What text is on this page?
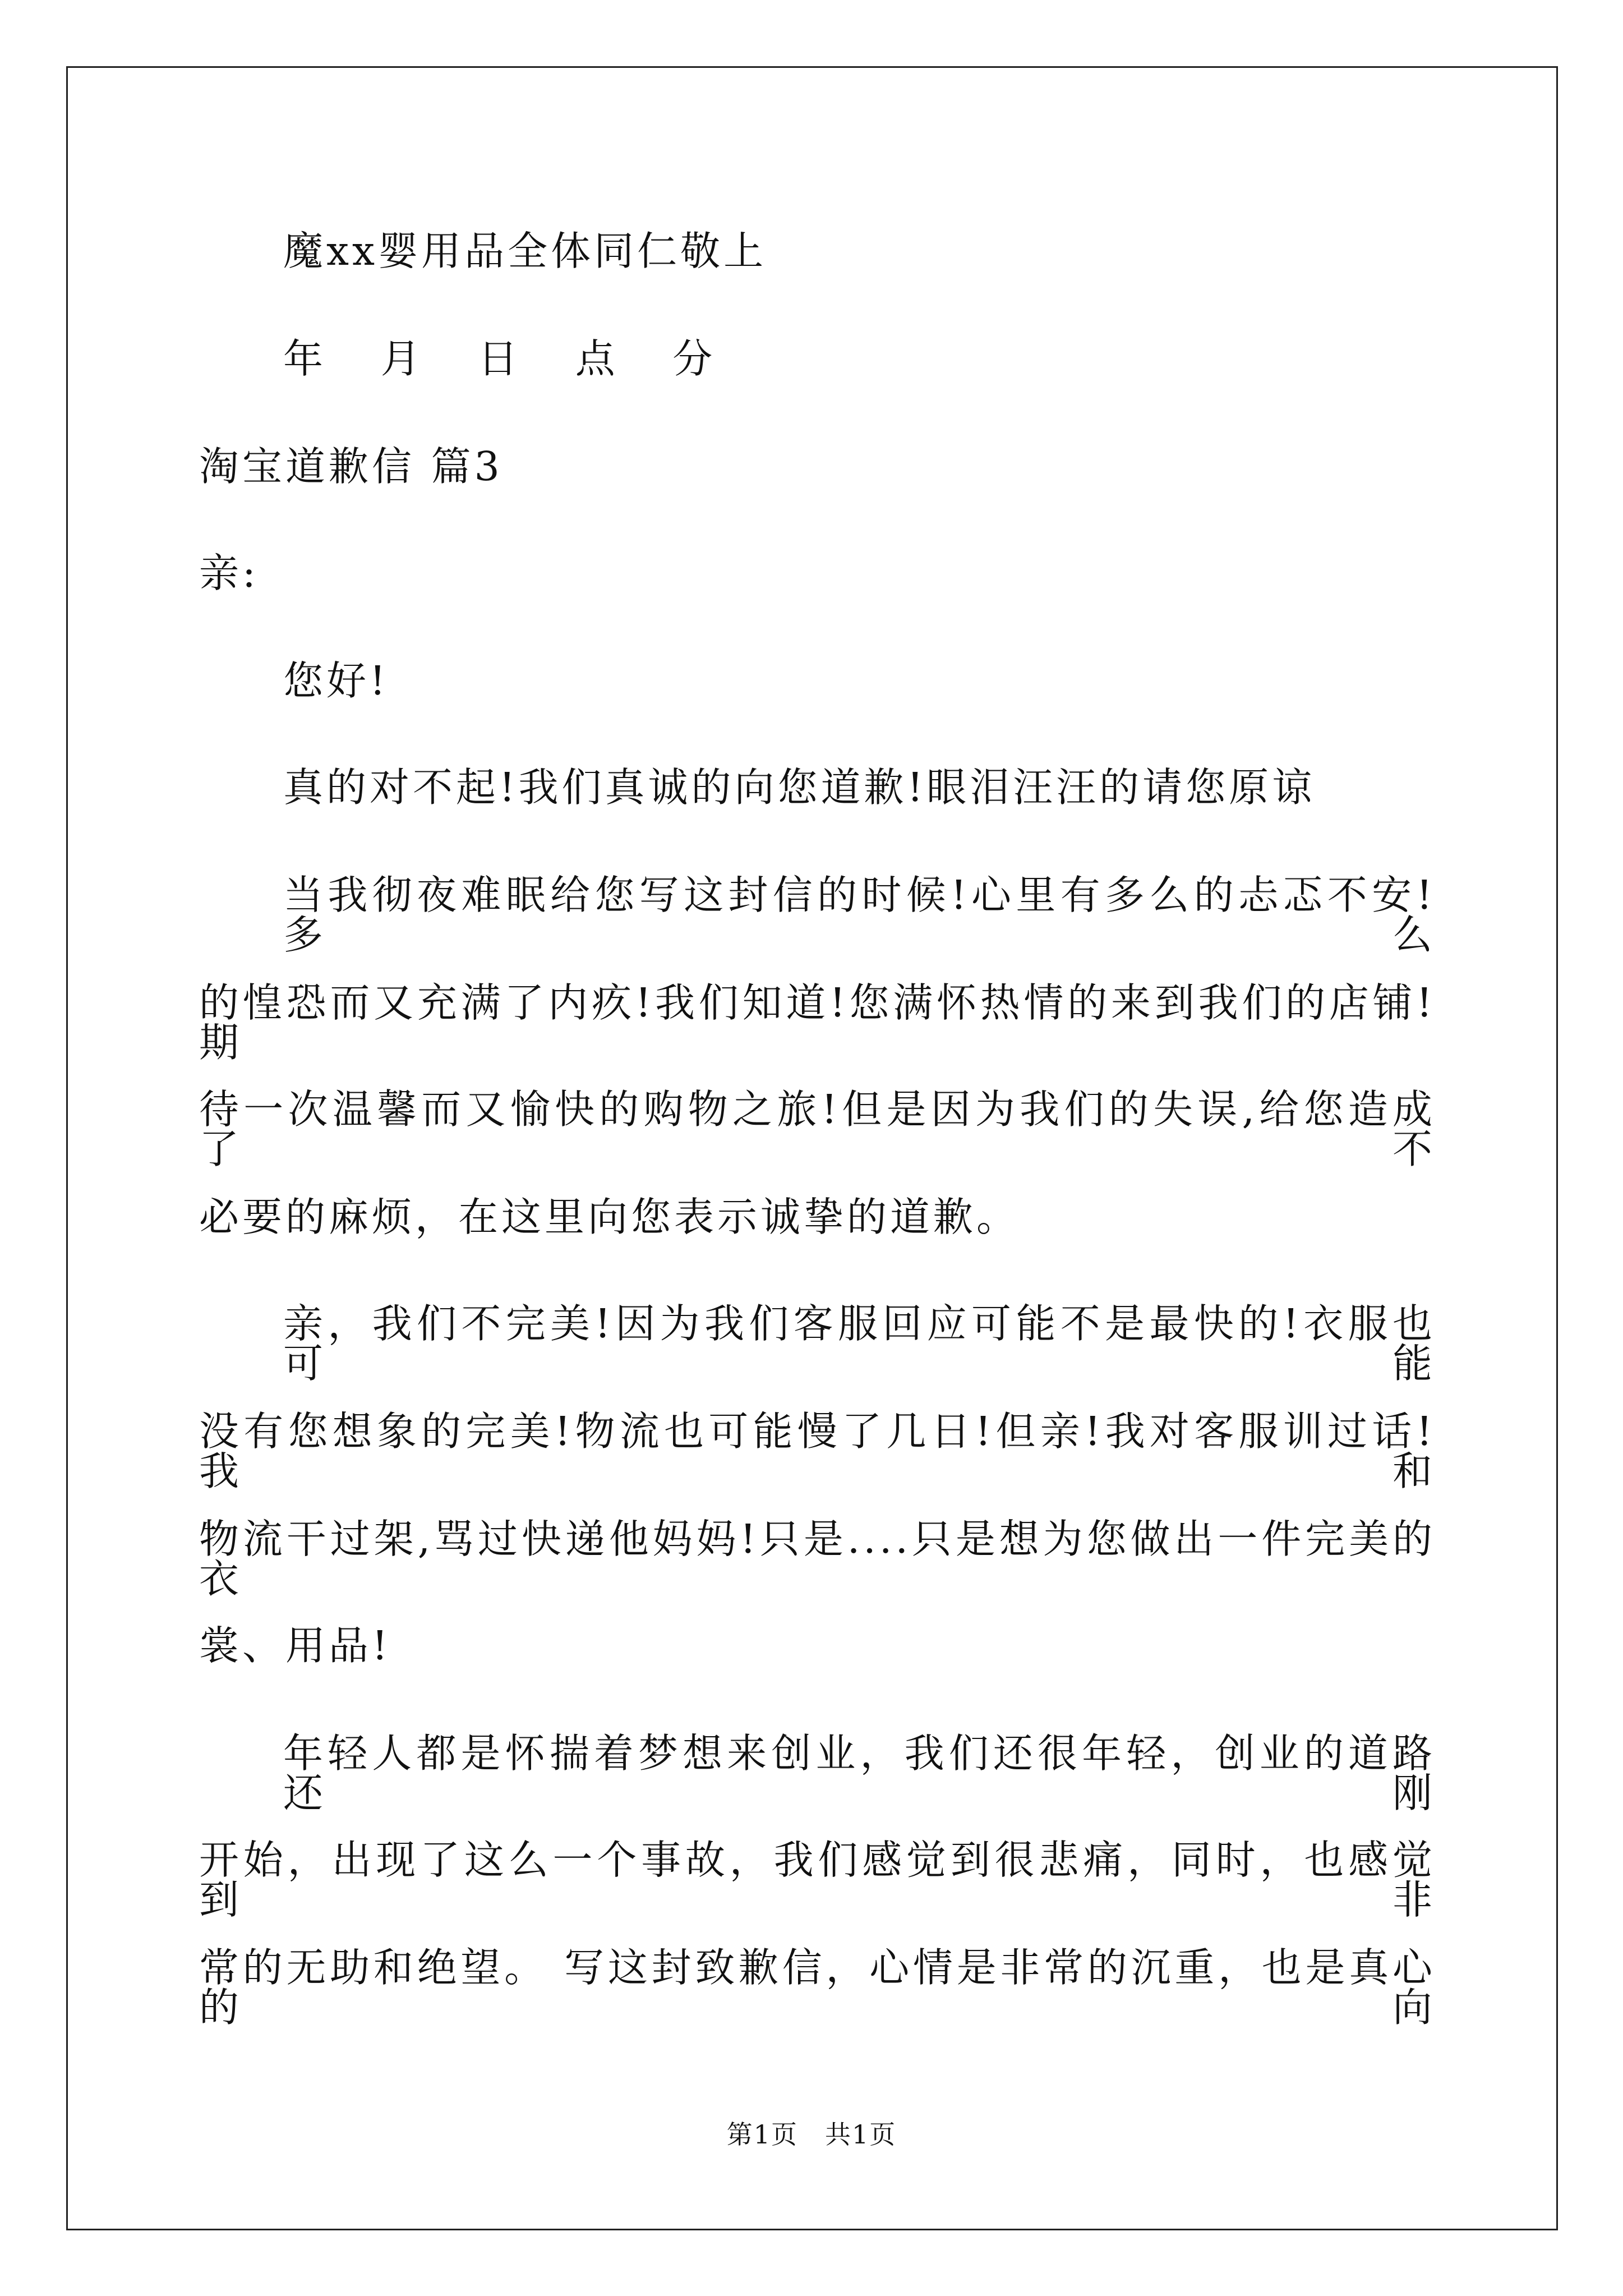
魔xx婴用品全体同仁敬上
年 月 日 点 分
淘宝道歉信 篇3
亲:
您好!
真的对不起!我们真诚的向您道歉!眼泪汪汪的请您原谅
当我彻夜难眠给您写这封信的时候!心里有多么的忐忑不安!多么
的惶恐而又充满了内疚!我们知道!您满怀热情的来到我们的店铺!期
待一次温馨而又愉快的购物之旅!但是因为我们的失误,给您造成了不
必要的麻烦，在这里向您表示诚挚的道歉。
亲，我们不完美!因为我们客服回应可能不是最快的!衣服也可能
没有您想象的完美!物流也可能慢了几日!但亲!我对客服训过话!我和
物流干过架,骂过快递他妈妈!只是....只是想为您做出一件完美的衣
裳、用品!
年轻人都是怀揣着梦想来创业，我们还很年轻，创业的道路还刚
开始，出现了这么一个事故，我们感觉到很悲痛，同时，也感觉到非
常的无助和绝望。 写这封致歉信，心情是非常的沉重，也是真心的向
第1页　共1页
